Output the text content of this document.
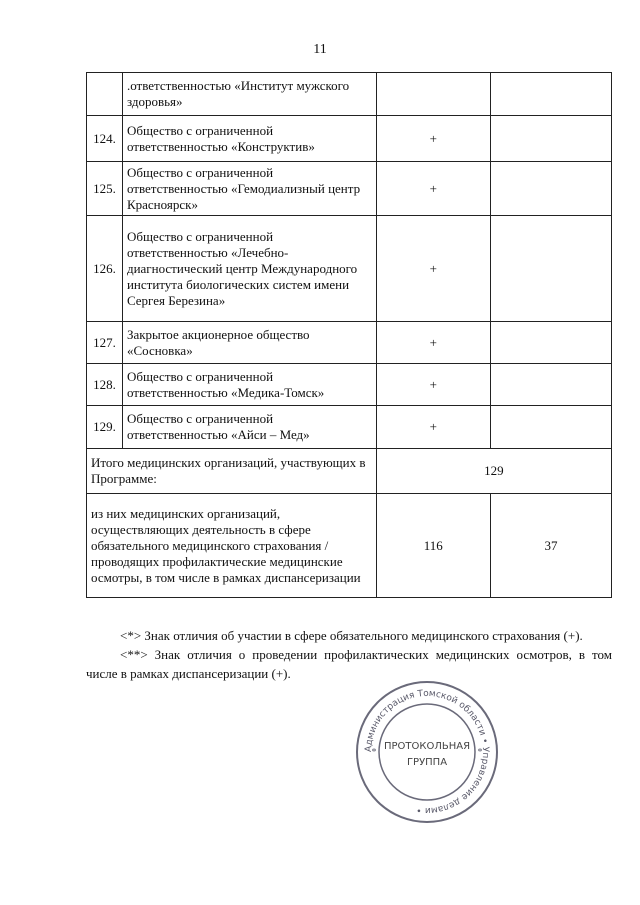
11
	.ответственностью «Институт мужского здоровья»		
124.	Общество с ограниченной ответственностью «Конструктив»	+	
125.	Общество с ограниченной ответственностью «Гемодиализный центр Красноярск»	+	
126.	Общество с ограниченной ответственностью «Лечебно-диагностический центр Международного института биологических систем имени Сергея Березина»	+	
127.	Закрытое акционерное общество «Сосновка»	+	
128.	Общество с ограниченной ответственностью «Медика-Томск»	+	
129.	Общество с ограниченной ответственностью «Айси – Мед»	+	
Итого медицинских организаций, участвующих в Программе:		129	
из них медицинских организаций, осуществляющих деятельность в сфере обязательного медицинского страхования / проводящих профилактические медицинские осмотры, в том числе в рамках диспансеризации		116	37

<*> Знак отличия об участии в сфере обязательного медицинского страхования (+).

<**> Знак отличия о проведении профилактических медицинских осмотров, в том числе в рамках диспансеризации (+).

Администрация Томской области • Управление делами •
ПРОТОКОЛЬНАЯ
ГРУППА
*	*
